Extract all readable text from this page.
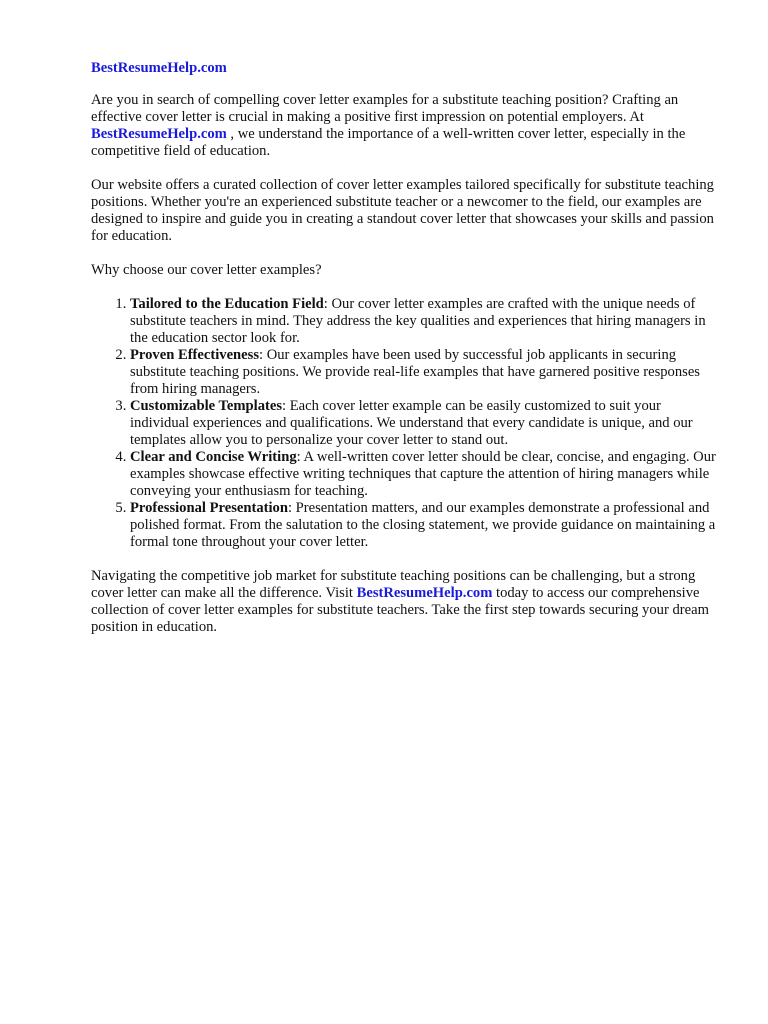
BestResumeHelp.com

Are you in search of compelling cover letter examples for a substitute teaching position? Crafting an effective cover letter is crucial in making a positive first impression on potential employers. At BestResumeHelp.com , we understand the importance of a well-written cover letter, especially in the competitive field of education.

Our website offers a curated collection of cover letter examples tailored specifically for substitute teaching positions. Whether you're an experienced substitute teacher or a newcomer to the field, our examples are designed to inspire and guide you in creating a standout cover letter that showcases your skills and passion for education.

Why choose our cover letter examples?

1. Tailored to the Education Field: Our cover letter examples are crafted with the unique needs of substitute teachers in mind. They address the key qualities and experiences that hiring managers in the education sector look for.
2. Proven Effectiveness: Our examples have been used by successful job applicants in securing substitute teaching positions. We provide real-life examples that have garnered positive responses from hiring managers.
3. Customizable Templates: Each cover letter example can be easily customized to suit your individual experiences and qualifications. We understand that every candidate is unique, and our templates allow you to personalize your cover letter to stand out.
4. Clear and Concise Writing: A well-written cover letter should be clear, concise, and engaging. Our examples showcase effective writing techniques that capture the attention of hiring managers while conveying your enthusiasm for teaching.
5. Professional Presentation: Presentation matters, and our examples demonstrate a professional and polished format. From the salutation to the closing statement, we provide guidance on maintaining a formal tone throughout your cover letter.

Navigating the competitive job market for substitute teaching positions can be challenging, but a strong cover letter can make all the difference. Visit BestResumeHelp.com today to access our comprehensive collection of cover letter examples for substitute teachers. Take the first step towards securing your dream position in education.
